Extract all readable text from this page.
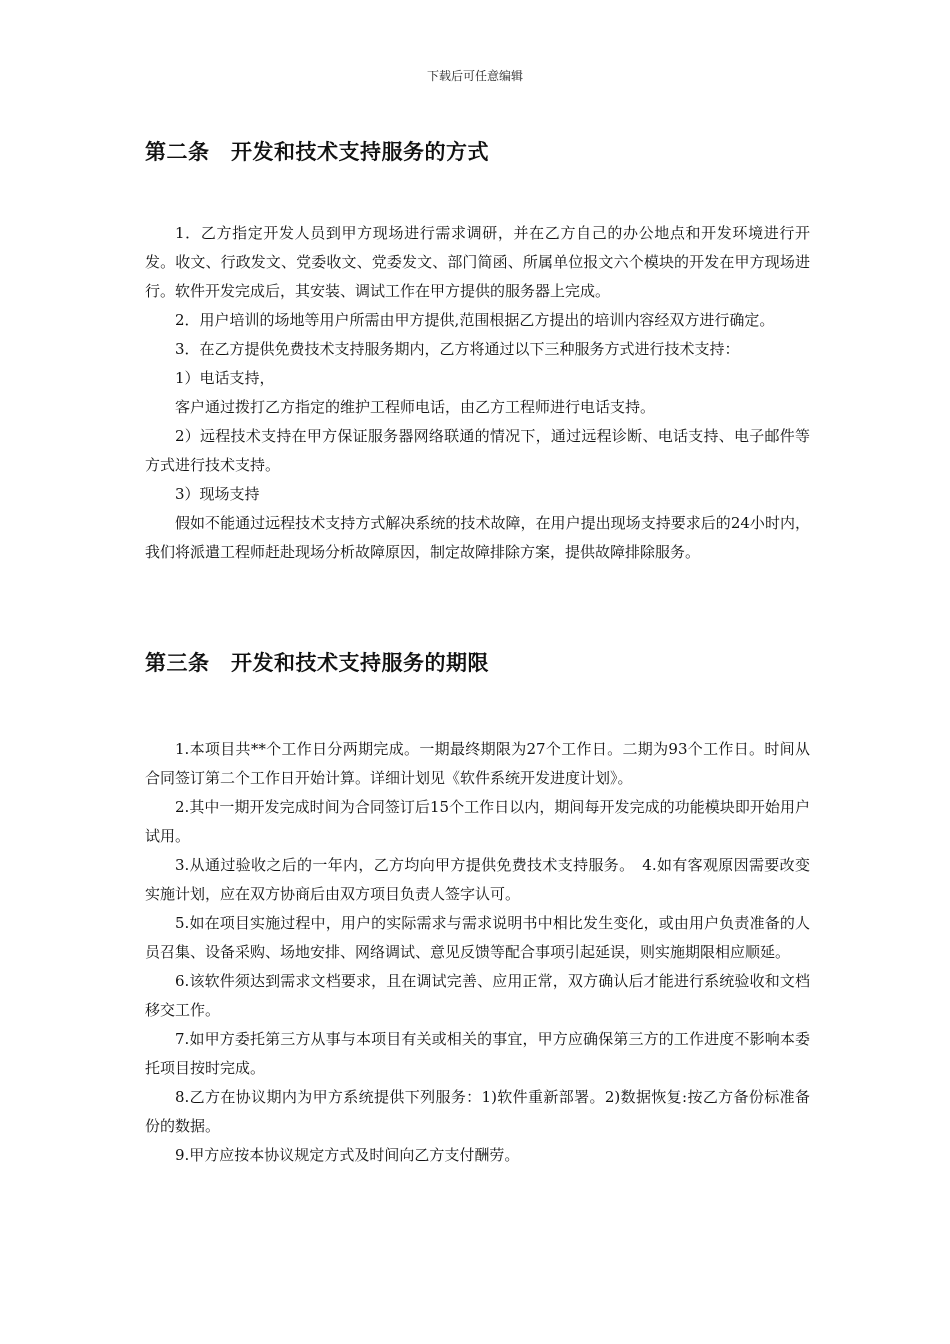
下载后可任意编辑
第二条　开发和技术支持服务的方式

1．乙方指定开发人员到甲方现场进行需求调研，并在乙方自己的办公地点和开发环境进行开发。收文、行政发文、党委收文、党委发文、部门简函、所属单位报文六个模块的开发在甲方现场进行。软件开发完成后，其安装、调试工作在甲方提供的服务器上完成。

2．用户培训的场地等用户所需由甲方提供,范围根据乙方提出的培训内容经双方进行确定。

3．在乙方提供免费技术支持服务期内，乙方将通过以下三种服务方式进行技术支持：

1）电话支持，

客户通过拨打乙方指定的维护工程师电话，由乙方工程师进行电话支持。

2）远程技术支持在甲方保证服务器网络联通的情况下，通过远程诊断、电话支持、电子邮件等方式进行技术支持。

3）现场支持

假如不能通过远程技术支持方式解决系统的技术故障，在用户提出现场支持要求后的24小时内，我们将派遣工程师赶赴现场分析故障原因，制定故障排除方案，提供故障排除服务。

第三条　开发和技术支持服务的期限

1.本项目共**个工作日分两期完成。一期最终期限为27个工作日。二期为93个工作日。时间从合同签订第二个工作日开始计算。详细计划见《软件系统开发进度计划》。

2.其中一期开发完成时间为合同签订后15个工作日以内，期间每开发完成的功能模块即开始用户试用。

3.从通过验收之后的一年内，乙方均向甲方提供免费技术支持服务。　4.如有客观原因需要改变实施计划，应在双方协商后由双方项目负责人签字认可。

5.如在项目实施过程中，用户的实际需求与需求说明书中相比发生变化，或由用户负责准备的人员召集、设备采购、场地安排、网络调试、意见反馈等配合事项引起延误，则实施期限相应顺延。

6.该软件须达到需求文档要求，且在调试完善、应用正常，双方确认后才能进行系统验收和文档移交工作。

7.如甲方委托第三方从事与本项目有关或相关的事宜，甲方应确保第三方的工作进度不影响本委托项目按时完成。

8.乙方在协议期内为甲方系统提供下列服务：1)软件重新部署。2)数据恢复:按乙方备份标准备份的数据。

9.甲方应按本协议规定方式及时间向乙方支付酬劳。
